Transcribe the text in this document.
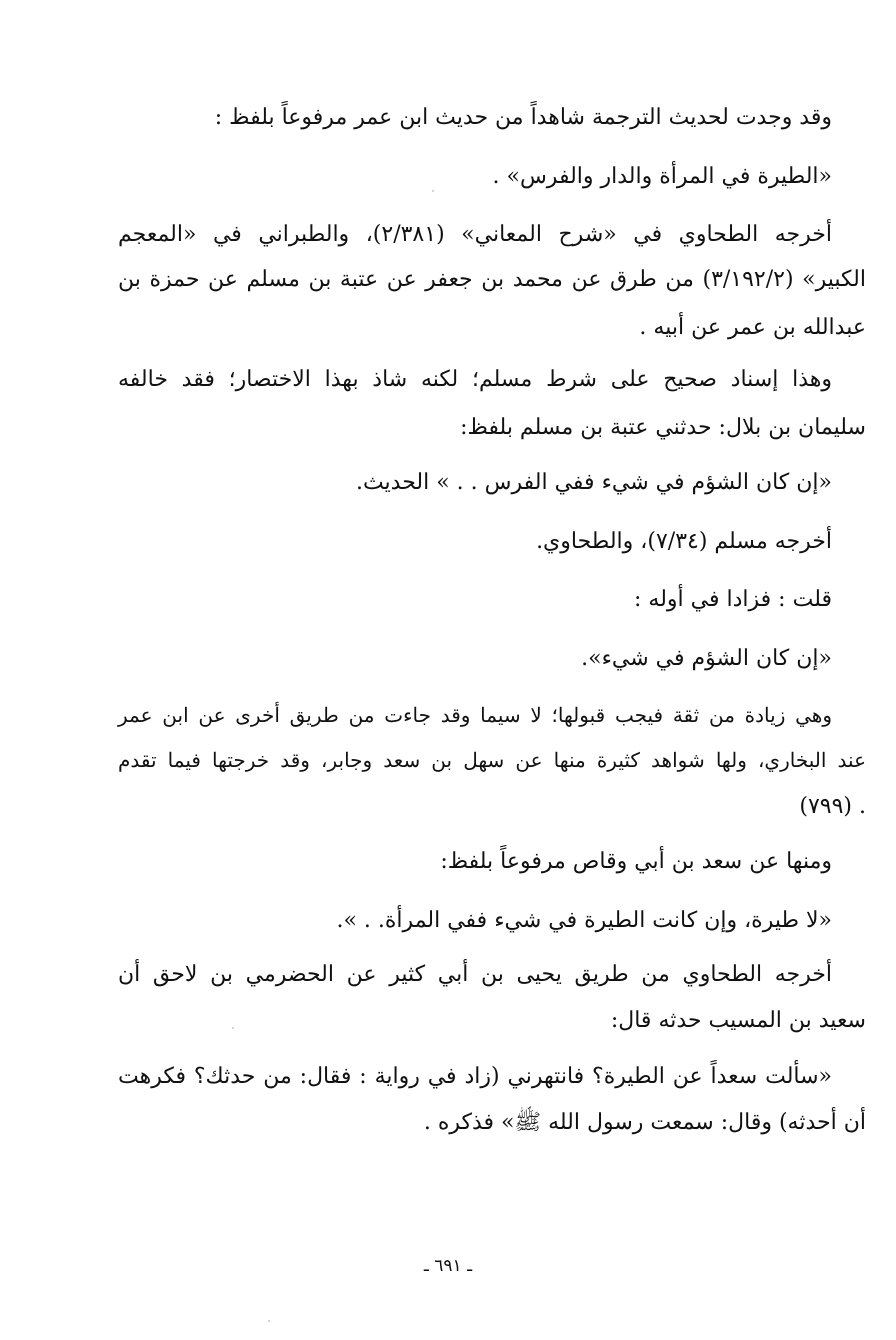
وقد وجدت لحديث الترجمة شاهداً من حديث ابن عمر مرفوعاً بلفظ :
«الطيرة في المرأة والدار والفرس» .
أخرجه الطحاوي في «شرح المعاني» (٢/٣٨١)، والطبراني في «المعجم
الكبير» (٣/١٩٢/٢) من طرق عن محمد بن جعفر عن عتبة بن مسلم عن حمزة بن
عبدالله بن عمر عن أبيه .
وهذا إسناد صحيح على شرط مسلم؛ لكنه شاذ بهذا الاختصار؛ فقد خالفه
سليمان بن بلال: حدثني عتبة بن مسلم بلفظ:
«إن كان الشؤم في شيء ففي الفرس . . » الحديث.
أخرجه مسلم (٧/٣٤)، والطحاوي.
قلت : فزادا في أوله :
«إن كان الشؤم في شيء».
وهي زيادة من ثقة فيجب قبولها؛ لا سيما وقد جاءت من طريق أخرى عن ابن عمر
عند البخاري، ولها شواهد كثيرة منها عن سهل بن سعد وجابر، وقد خرجتها فيما تقدم
(٧٩٩) .
ومنها عن سعد بن أبي وقاص مرفوعاً بلفظ:
«لا طيرة، وإن كانت الطيرة في شيء ففي المرأة. . ».
أخرجه الطحاوي من طريق يحيى بن أبي كثير عن الحضرمي بن لاحق أن
سعيد بن المسيب حدثه قال:
«سألت سعداً عن الطيرة؟ فانتهرني (زاد في رواية : فقال: من حدثك؟ فكرهت
أن أحدثه) وقال: سمعت رسول الله ﷺ» فذكره .
ـ ٦٩١ ـ
